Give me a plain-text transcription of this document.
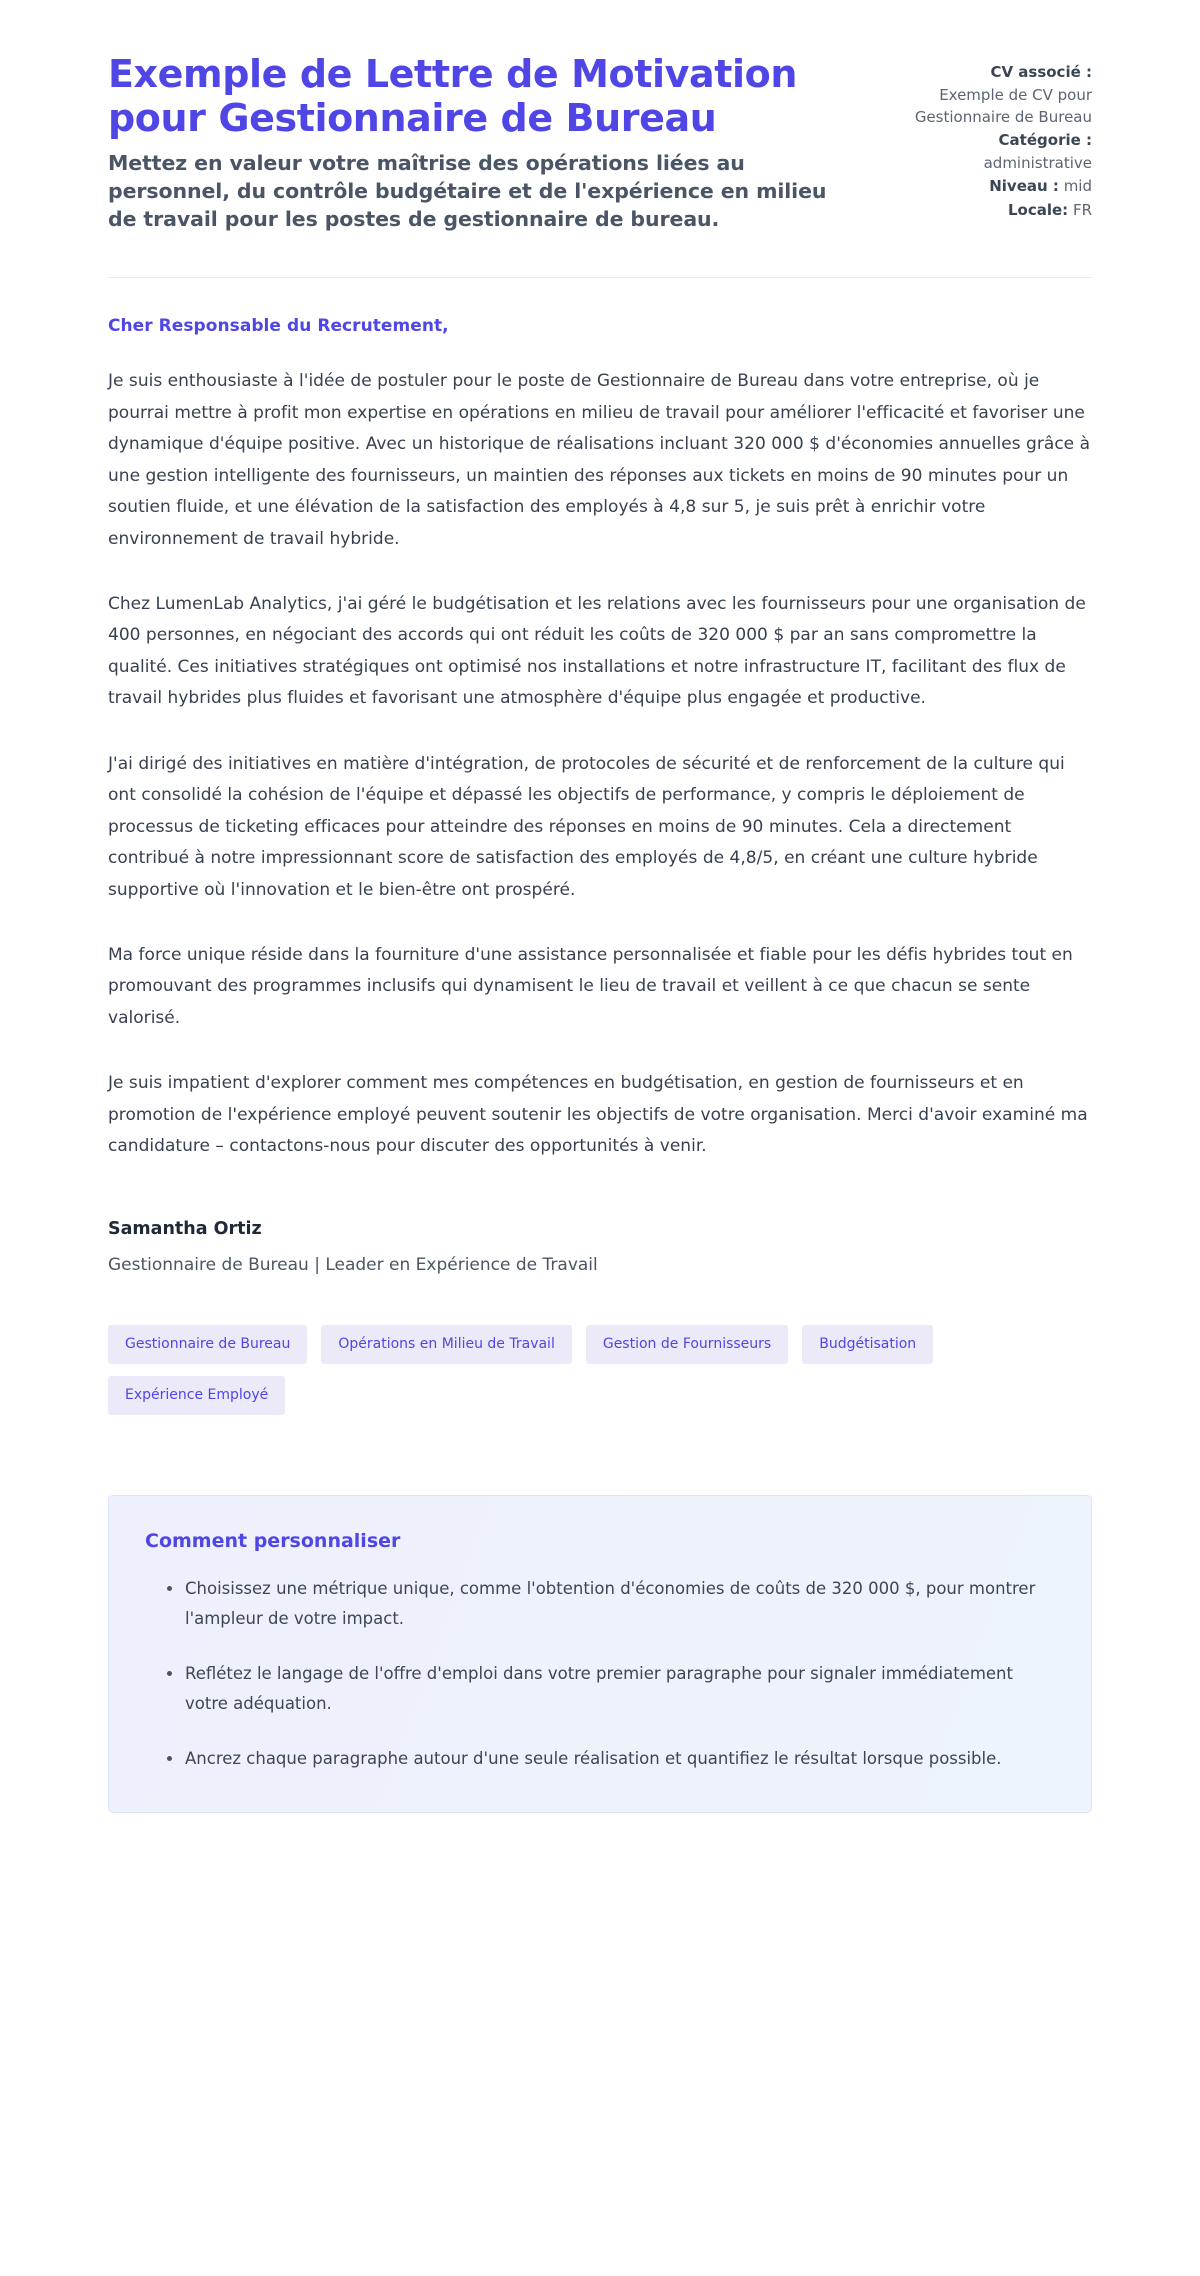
Exemple de Lettre de Motivation pour Gestionnaire de Bureau

Mettez en valeur votre maîtrise des opérations liées au personnel, du contrôle budgétaire et de l'expérience en milieu de travail pour les postes de gestionnaire de bureau.

CV associé :
Exemple de CV pour Gestionnaire de Bureau
Catégorie :
administrative
Niveau : mid
Locale: FR

Cher Responsable du Recrutement,

Je suis enthousiaste à l'idée de postuler pour le poste de Gestionnaire de Bureau dans votre entreprise, où je pourrai mettre à profit mon expertise en opérations en milieu de travail pour améliorer l'efficacité et favoriser une dynamique d'équipe positive. Avec un historique de réalisations incluant 320 000 $ d'économies annuelles grâce à une gestion intelligente des fournisseurs, un maintien des réponses aux tickets en moins de 90 minutes pour un soutien fluide, et une élévation de la satisfaction des employés à 4,8 sur 5, je suis prêt à enrichir votre environnement de travail hybride.

Chez LumenLab Analytics, j'ai géré le budgétisation et les relations avec les fournisseurs pour une organisation de 400 personnes, en négociant des accords qui ont réduit les coûts de 320 000 $ par an sans compromettre la qualité. Ces initiatives stratégiques ont optimisé nos installations et notre infrastructure IT, facilitant des flux de travail hybrides plus fluides et favorisant une atmosphère d'équipe plus engagée et productive.

J'ai dirigé des initiatives en matière d'intégration, de protocoles de sécurité et de renforcement de la culture qui ont consolidé la cohésion de l'équipe et dépassé les objectifs de performance, y compris le déploiement de processus de ticketing efficaces pour atteindre des réponses en moins de 90 minutes. Cela a directement contribué à notre impressionnant score de satisfaction des employés de 4,8/5, en créant une culture hybride supportive où l'innovation et le bien-être ont prospéré.

Ma force unique réside dans la fourniture d'une assistance personnalisée et fiable pour les défis hybrides tout en promouvant des programmes inclusifs qui dynamisent le lieu de travail et veillent à ce que chacun se sente valorisé.

Je suis impatient d'explorer comment mes compétences en budgétisation, en gestion de fournisseurs et en promotion de l'expérience employé peuvent soutenir les objectifs de votre organisation. Merci d'avoir examiné ma candidature – contactons-nous pour discuter des opportunités à venir.

Samantha Ortiz

Gestionnaire de Bureau | Leader en Expérience de Travail

Gestionnaire de Bureau	Opérations en Milieu de Travail	Gestion de Fournisseurs	Budgétisation
Expérience Employé
Comment personnaliser
Choisissez une métrique unique, comme l'obtention d'économies de coûts de 320 000 $, pour montrer l'ampleur de votre impact.
Reflétez le langage de l'offre d'emploi dans votre premier paragraphe pour signaler immédiatement votre adéquation.
Ancrez chaque paragraphe autour d'une seule réalisation et quantifiez le résultat lorsque possible.
